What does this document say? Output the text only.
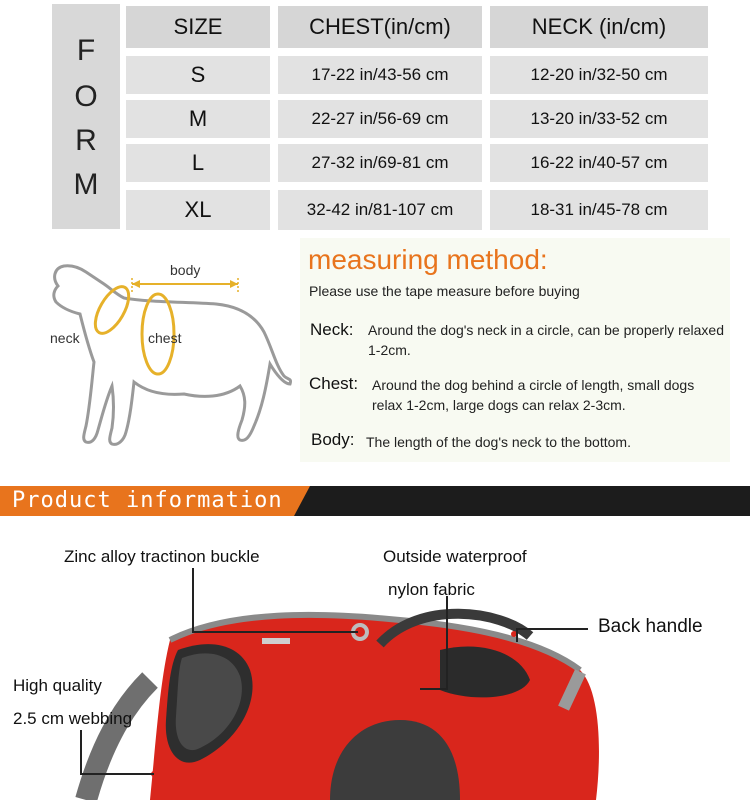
F
O
R
M
SIZE	CHEST(in/cm)	NECK (in/cm)
S	17-22 in/43-56 cm	12-20 in/32-50 cm
M	22-27 in/56-69 cm	13-20 in/33-52 cm
L	27-32 in/69-81 cm	16-22 in/40-57 cm
XL	32-42 in/81-107 cm	18-31 in/45-78 cm
body
neck	chest
measuring method:
Please use the tape measure before buying
Neck: Around the dog's neck in a circle, can be properly relaxed 1-2cm.
Chest: Around the dog behind a circle of length, small dogs relax 1-2cm, large dogs can relax 2-3cm.
Body: The length of the dog's neck to the bottom.
Product information
Zinc alloy tractinon buckle	Outside waterproof
nylon fabric
Back handle
High quality
2.5 cm webbing
